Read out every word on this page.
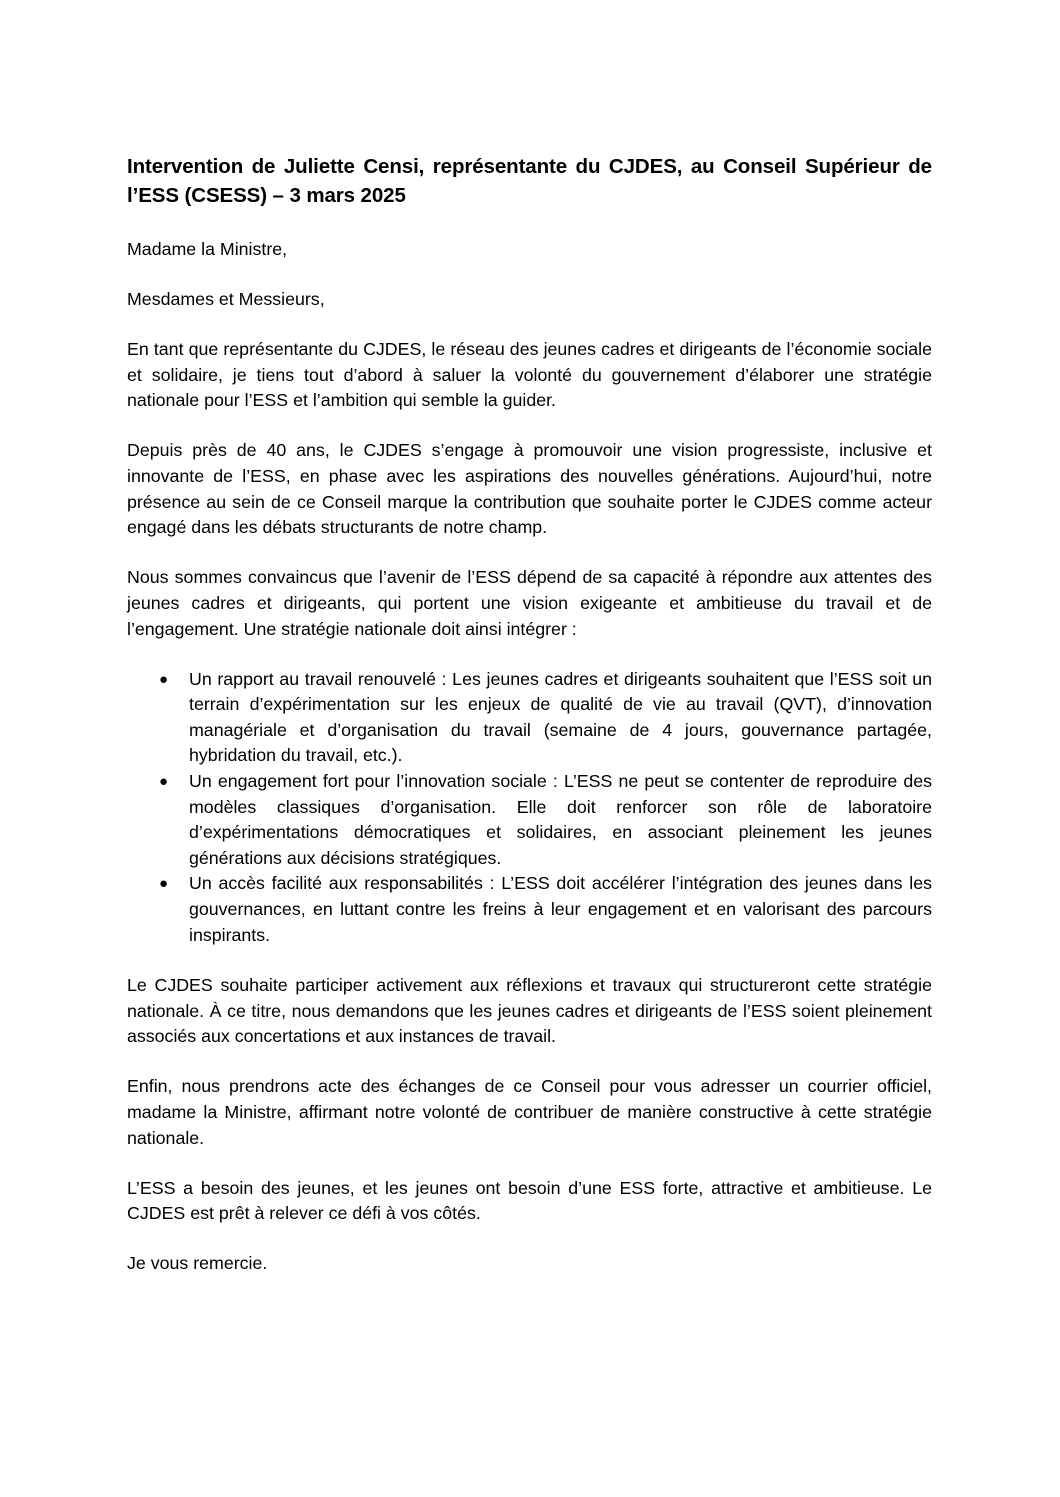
Intervention de Juliette Censi, représentante du CJDES, au Conseil Supérieur de l’ESS (CSESS) – 3 mars 2025

Madame la Ministre,

Mesdames et Messieurs,

En tant que représentante du CJDES, le réseau des jeunes cadres et dirigeants de l’économie sociale et solidaire, je tiens tout d’abord à saluer la volonté du gouvernement d’élaborer une stratégie nationale pour l’ESS et l’ambition qui semble la guider.

Depuis près de 40 ans, le CJDES s’engage à promouvoir une vision progressiste, inclusive et innovante de l’ESS, en phase avec les aspirations des nouvelles générations. Aujourd’hui, notre présence au sein de ce Conseil marque la contribution que souhaite porter le CJDES comme acteur engagé dans les débats structurants de notre champ.

Nous sommes convaincus que l’avenir de l’ESS dépend de sa capacité à répondre aux attentes des jeunes cadres et dirigeants, qui portent une vision exigeante et ambitieuse du travail et de l’engagement. Une stratégie nationale doit ainsi intégrer :

● Un rapport au travail renouvelé : Les jeunes cadres et dirigeants souhaitent que l’ESS soit un terrain d’expérimentation sur les enjeux de qualité de vie au travail (QVT), d’innovation managériale et d’organisation du travail (semaine de 4 jours, gouvernance partagée, hybridation du travail, etc.).
● Un engagement fort pour l’innovation sociale : L’ESS ne peut se contenter de reproduire des modèles classiques d’organisation. Elle doit renforcer son rôle de laboratoire d’expérimentations démocratiques et solidaires, en associant pleinement les jeunes générations aux décisions stratégiques.
● Un accès facilité aux responsabilités : L’ESS doit accélérer l’intégration des jeunes dans les gouvernances, en luttant contre les freins à leur engagement et en valorisant des parcours inspirants.

Le CJDES souhaite participer activement aux réflexions et travaux qui structureront cette stratégie nationale. À ce titre, nous demandons que les jeunes cadres et dirigeants de l’ESS soient pleinement associés aux concertations et aux instances de travail.

Enfin, nous prendrons acte des échanges de ce Conseil pour vous adresser un courrier officiel, madame la Ministre, affirmant notre volonté de contribuer de manière constructive à cette stratégie nationale.

L’ESS a besoin des jeunes, et les jeunes ont besoin d’une ESS forte, attractive et ambitieuse. Le CJDES est prêt à relever ce défi à vos côtés.

Je vous remercie.
